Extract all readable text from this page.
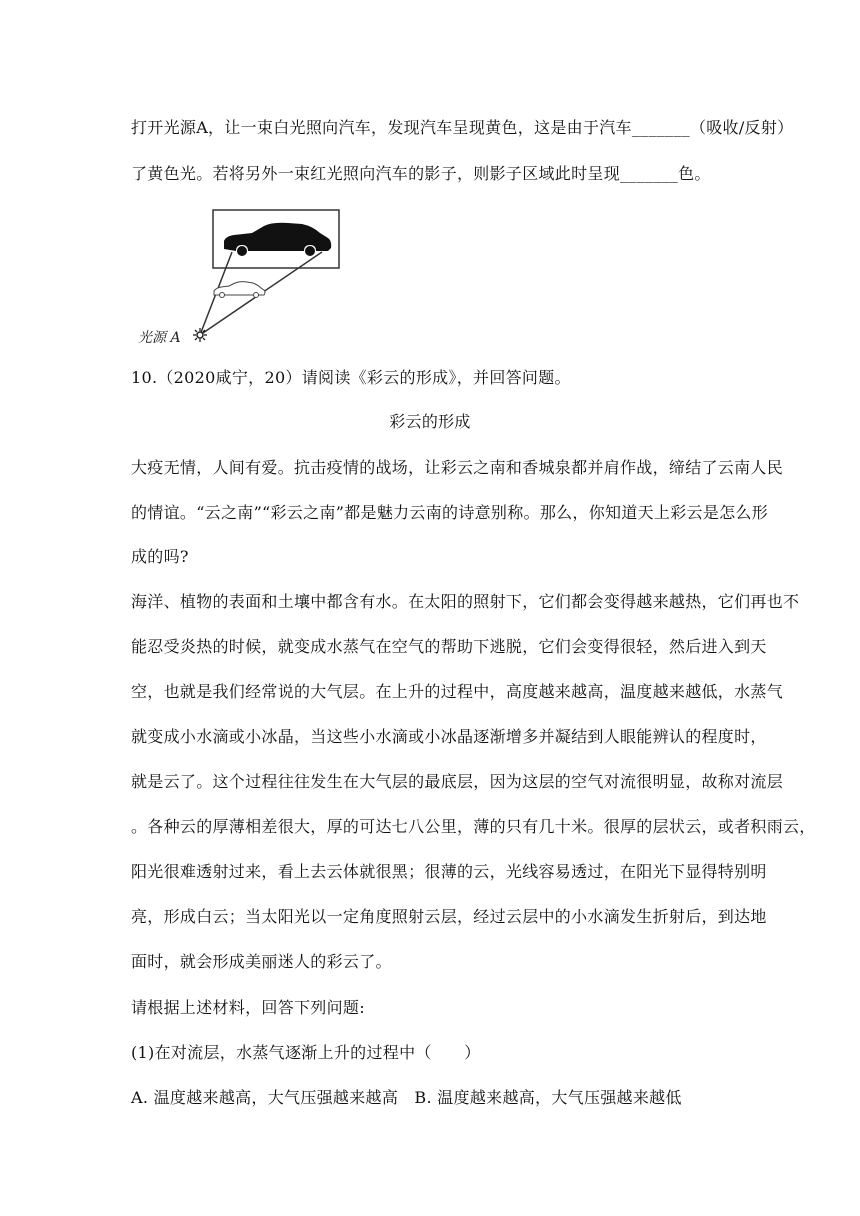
打开光源A，让一束白光照向汽车，发现汽车呈现黄色，这是由于汽车_______（吸收/反射）
了黄色光。若将另外一束红光照向汽车的影子，则影子区域此时呈现_______色。
光源 A
10.（2020咸宁，20）请阅读《彩云的形成》，并回答问题。
彩云的形成
大疫无情，人间有爱。抗击疫情的战场，让彩云之南和香城泉都并肩作战，缔结了云南人民
的情谊。“云之南”“彩云之南”都是魅力云南的诗意别称。那么，你知道天上彩云是怎么形
成的吗?
海洋、植物的表面和土壤中都含有水。在太阳的照射下，它们都会变得越来越热，它们再也不
能忍受炎热的时候，就变成水蒸气在空气的帮助下逃脱，它们会变得很轻，然后进入到天
空，也就是我们经常说的大气层。在上升的过程中，高度越来越高，温度越来越低，水蒸气
就变成小水滴或小冰晶，当这些小水滴或小冰晶逐渐增多并凝结到人眼能辨认的程度时，
就是云了。这个过程往往发生在大气层的最底层，因为这层的空气对流很明显，故称对流层
。各种云的厚薄相差很大，厚的可达七八公里，薄的只有几十米。很厚的层状云，或者积雨云，
阳光很难透射过来，看上去云体就很黑；很薄的云，光线容易透过，在阳光下显得特别明
亮，形成白云；当太阳光以一定角度照射云层，经过云层中的小水滴发生折射后，到达地
面时，就会形成美丽迷人的彩云了。
请根据上述材料，回答下列问题:
(1)在对流层，水蒸气逐渐上升的过程中（　　）
A. 温度越来越高，大气压强越来越高　B. 温度越来越高，大气压强越来越低
